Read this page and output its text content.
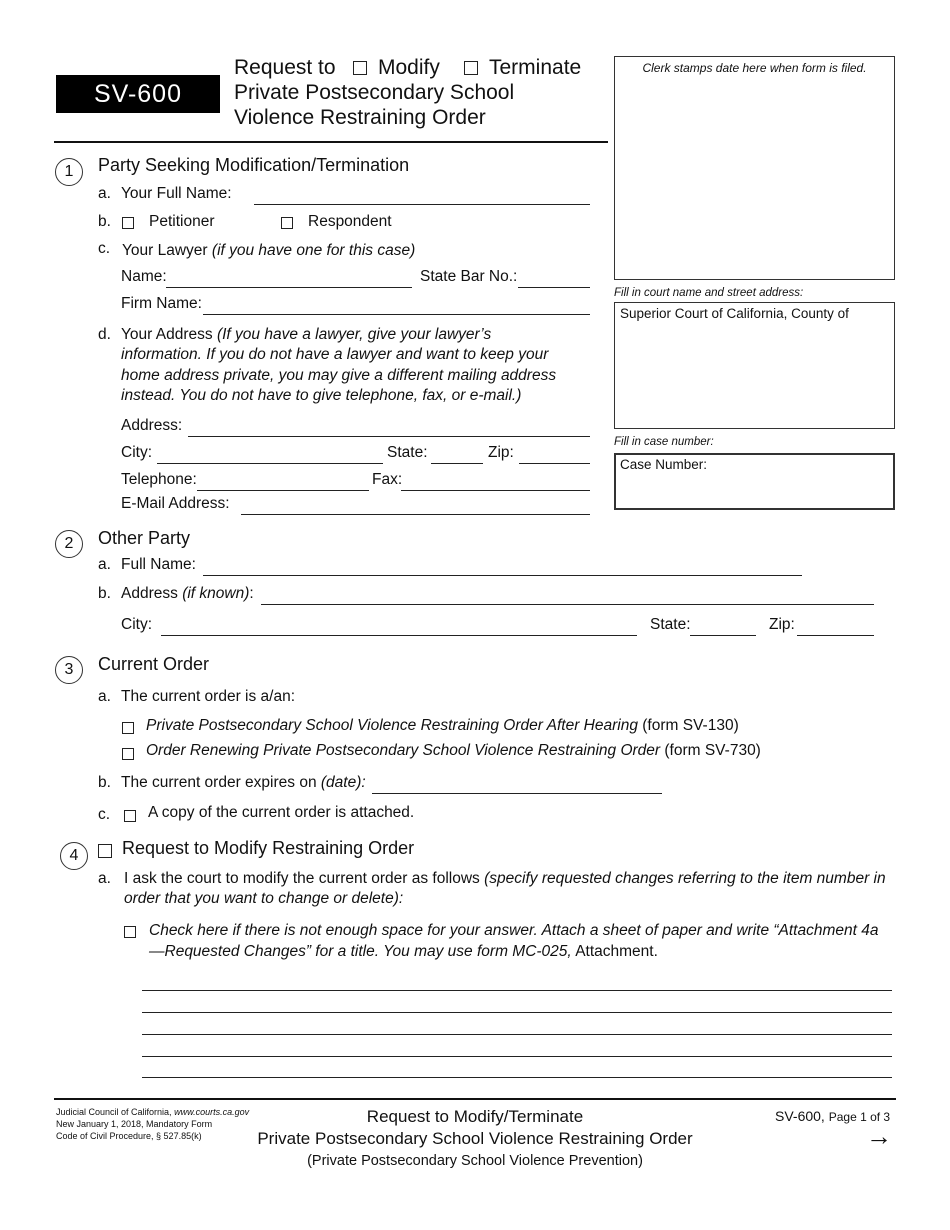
SV-600
Request to Modify Terminate
Private Postsecondary School
Violence Restraining Order
Clerk stamps date here when form is filed.
Fill in court name and street address:
Superior Court of California, County of
Fill in case number:
Case Number:
1	Party Seeking Modification/Termination
a. Your Full Name:
b. Petitioner	Respondent
c. Your Lawyer (if you have one for this case)
Name:	State Bar No.:
Firm Name:
d. Your Address (If you have a lawyer, give your lawyer’s
information. If you do not have a lawyer and want to keep your
home address private, you may give a different mailing address
instead. You do not have to give telephone, fax, or e-mail.)
Address:
City:	State:	Zip:
Telephone:	Fax:
E-Mail Address:
2	Other Party
a. Full Name:
b. Address (if known):
City:	State:	Zip:
3	Current Order
a. The current order is a/an:
Private Postsecondary School Violence Restraining Order After Hearing (form SV-130)
Order Renewing Private Postsecondary School Violence Restraining Order (form SV-730)
b. The current order expires on (date):
c. A copy of the current order is attached.
4	Request to Modify Restraining Order
a. I ask the court to modify the current order as follows (specify requested changes referring to the item number in
order that you want to change or delete):
Check here if there is not enough space for your answer. Attach a sheet of paper and write “Attachment 4a
—Requested Changes” for a title. You may use form MC-025, Attachment.
Judicial Council of California, www.courts.ca.gov
New January 1, 2018, Mandatory Form
Code of Civil Procedure, § 527.85(k)
Request to Modify/Terminate
Private Postsecondary School Violence Restraining Order
(Private Postsecondary School Violence Prevention)
SV-600, Page 1 of 3
→
